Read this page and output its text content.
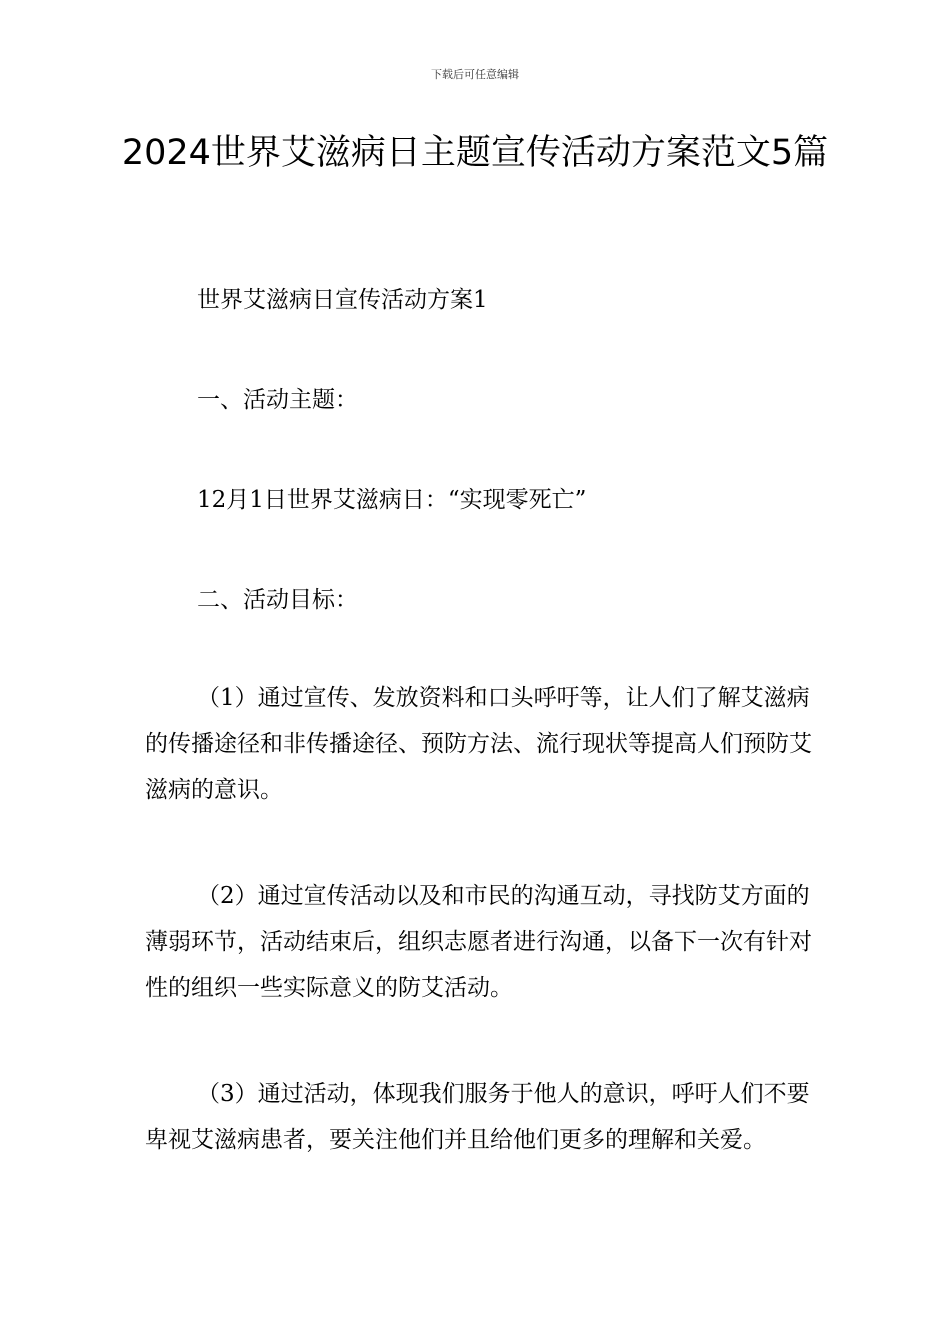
下载后可任意编辑
2024世界艾滋病日主题宣传活动方案范文5篇
世界艾滋病日宣传活动方案1
一、活动主题：
12月1日世界艾滋病日：“实现零死亡”
二、活动目标：

（1）通过宣传、发放资料和口头呼吁等，让人们了解艾滋病的传播途径和非传播途径、预防方法、流行现状等提高人们预防艾滋病的意识。

（2）通过宣传活动以及和市民的沟通互动，寻找防艾方面的薄弱环节，活动结束后，组织志愿者进行沟通，以备下一次有针对性的组织一些实际意义的防艾活动。

（3）通过活动，体现我们服务于他人的意识，呼吁人们不要卑视艾滋病患者，要关注他们并且给他们更多的理解和关爱。
